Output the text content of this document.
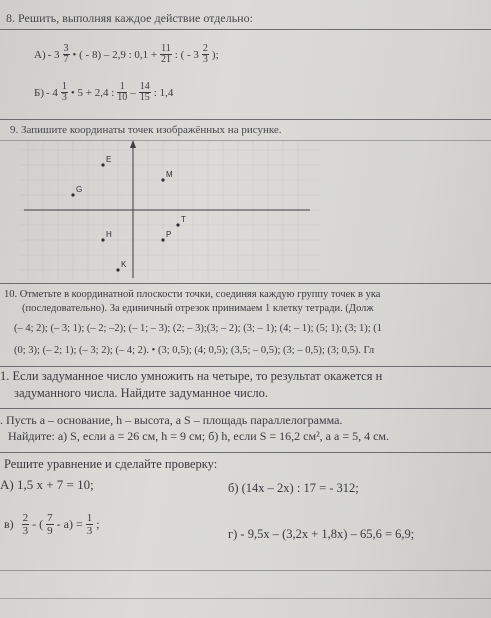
8. Решить, выполняя каждое действие отдельно:
$А) - 3 \frac{3}{7}$ • ( - 8) – 2,9 : $0,1 + \frac{11}{21}$ : ( - $3 \frac{2}{3}$ );
$Б) - 4 \frac{1}{3}$ • 5 + 2,4 : $\frac{1}{10} - \frac{14}{15}$ : 1,4
9. Запишите координаты точек изображённых на рисунке.
E
G
M
T
H	P
K
10. Отметьте в координатной плоскости точки, соединяя каждую группу точек в ука
(последовательно). За единичный отрезок принимаем 1 клетку тетради. (Долж
(– 4; 2); (– 3; 1); (– 2; –2); (– 1; – 3); (2; – 3);(3; – 2); (3; – 1); (4; – 1); (5; 1); (3; 1); (1
(0; 3); (– 2; 1); (– 3; 2); (– 4; 2). • (3; 0,5); (4; 0,5); (3,5; – 0,5); (3; – 0,5); (3; 0,5). Гл
1. Если задуманное число умножить на четыре, то результат окажется н
задуманного числа. Найдите задуманное число.
. Пусть а – основание, h – высота, а S – площадь параллелограмма.
Найдите: а) S, если a = 26 см, h = 9 см; б) h, если S = 16,2 см², а а = 5, 4 см.
Решите уравнение и сделайте проверку:
А) 1,5 x + 7 = 10;	б) (14x – 2x) : 17 = - 312;
$в) \frac{2}{3}$ - ( $\frac{7}{9} - а) = \frac{1}{3}$ ;
г) - 9,5х – (3,2х + 1,8х) – 65,6 = 6,9;
